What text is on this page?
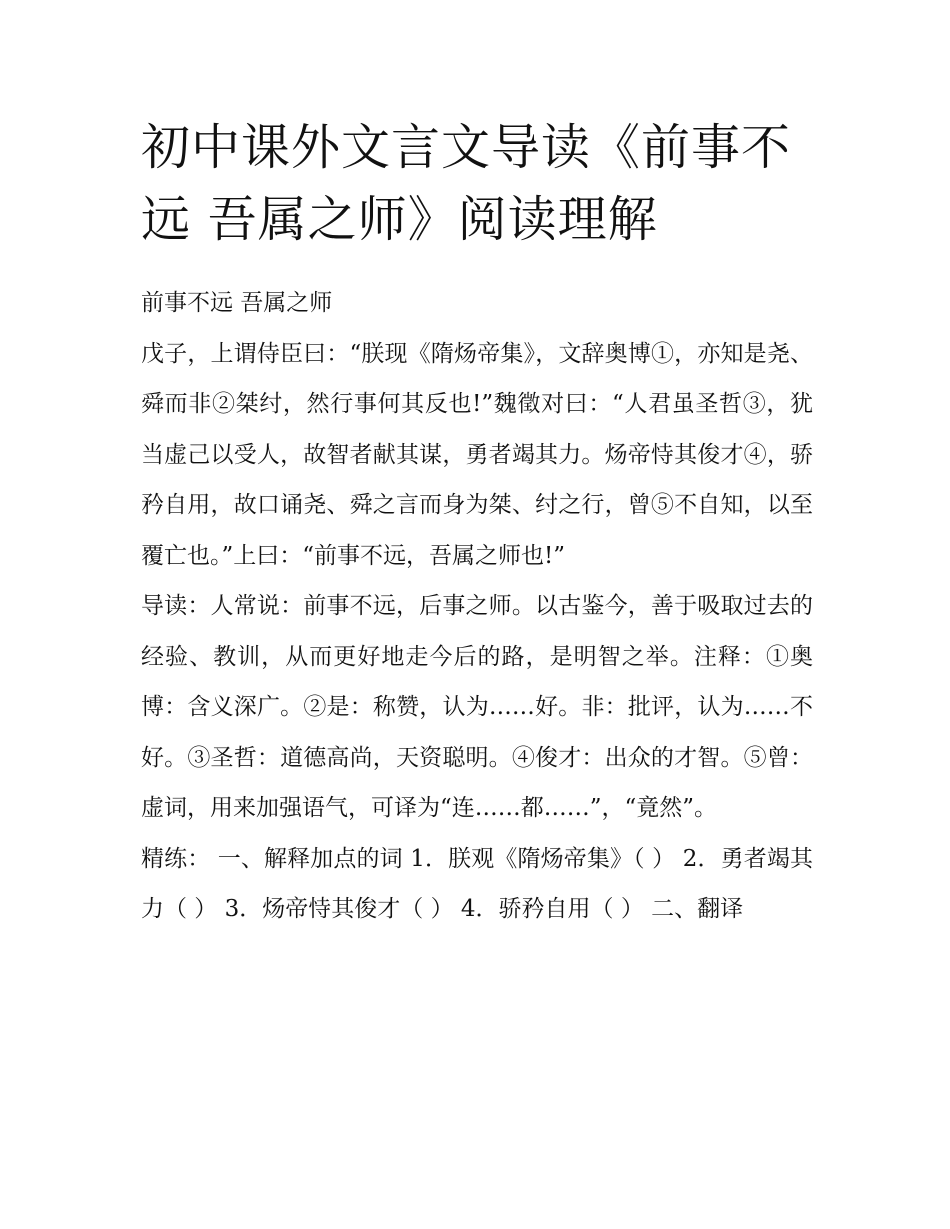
初中课外文言文导读《前事不远 吾属之师》阅读理解

前事不远 吾属之师

戊子，上谓侍臣曰：“朕现《隋炀帝集》，文辞奥博①，亦知是尧、舜而非②桀纣，然行事何其反也!”魏徵对曰：“人君虽圣哲③，犹当虚己以受人，故智者献其谋，勇者竭其力。炀帝恃其俊才④，骄矜自用，故口诵尧、舜之言而身为桀、纣之行，曾⑤不自知，以至覆亡也。”上曰：“前事不远，吾属之师也!”

导读：人常说：前事不远，后事之师。以古鉴今，善于吸取过去的经验、教训，从而更好地走今后的路，是明智之举。注释：①奥博：含义深广。②是：称赞，认为……好。非：批评，认为……不好。③圣哲：道德高尚，天资聪明。④俊才：出众的才智。⑤曾：虚词，用来加强语气，可译为“连……都……”，“竟然”。

精练： 一、解释加点的词 1．朕观《隋炀帝集》（ ） 2．勇者竭其力（ ） 3．炀帝恃其俊才（ ） 4．骄矜自用（ ） 二、翻译
